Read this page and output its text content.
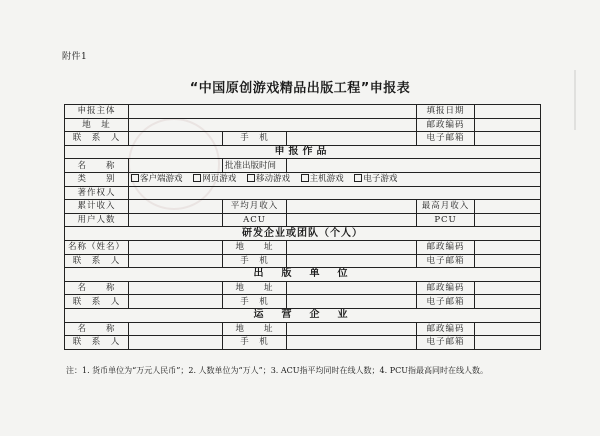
附件1
“中国原创游戏精品出版工程”申报表
申报主体				填报日期	
地　址				邮政编码	
联　系　人		手　机		电子邮箱	
申报作品					
名　　称		批准出版时间			
类　　别	客户端游戏 网页游戏 移动游戏 主机游戏 电子游戏				
著作权人					
累计收入		平均月收入		最高月收入	
用户人数		ACU		PCU	
研发企业或团队（个人）					
名称（姓名）		地　　址		邮政编码	
联　系　人		手　机		电子邮箱	
出　版　单　位					
名　　称		地　　址		邮政编码	
联　系　人		手　机		电子邮箱	
运　营　企　业					
名　　称		地　　址		邮政编码	
联　系　人		手　机		电子邮箱	
注：1. 货币单位为“万元人民币”；2. 人数单位为“万人”；3. ACU指平均同时在线人数；4. PCU指最高同时在线人数。
